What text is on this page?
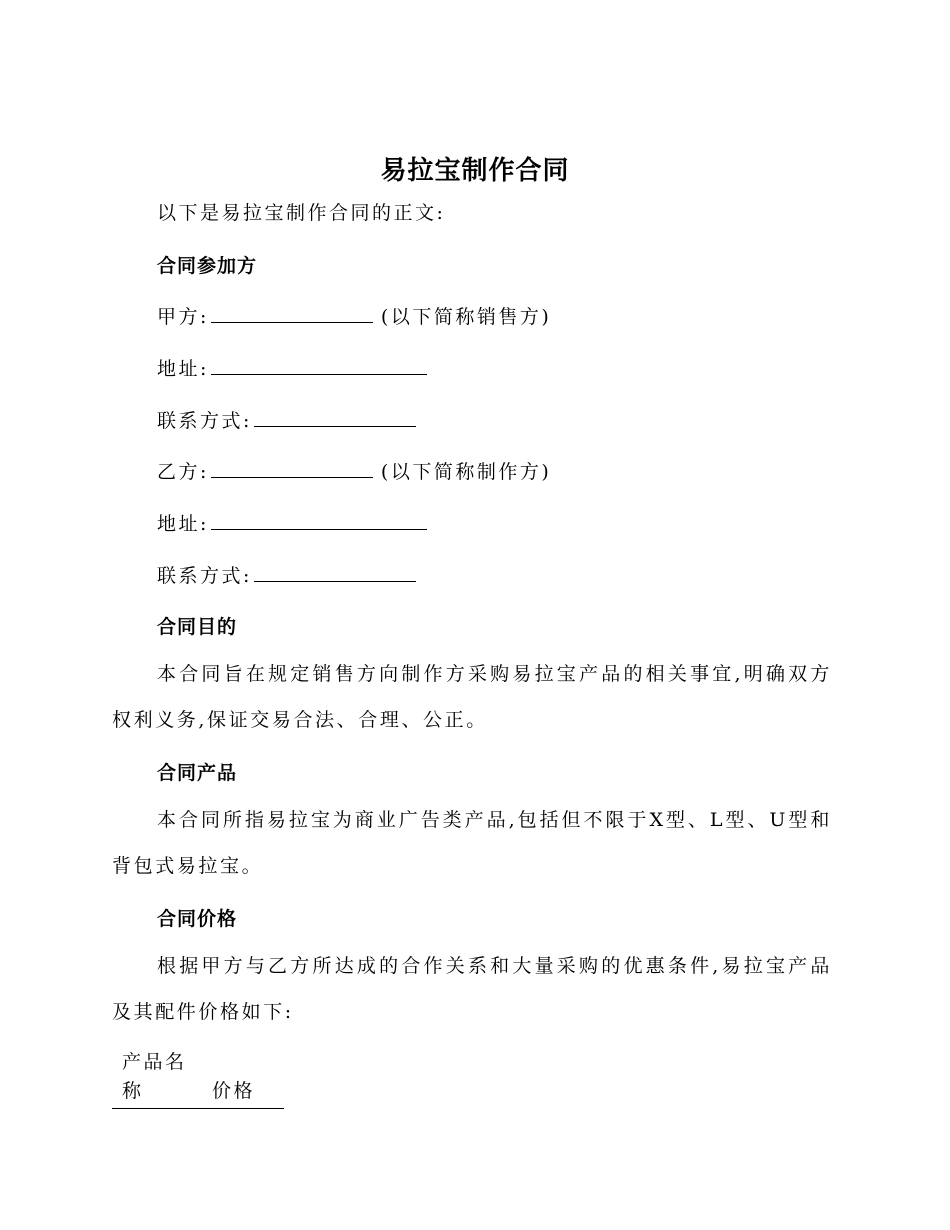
易拉宝制作合同
以下是易拉宝制作合同的正文:
合同参加方
甲方:	(以下简称销售方)
地址:
联系方式:
乙方:	(以下简称制作方)
地址:
联系方式:
合同目的
本合同旨在规定销售方向制作方采购易拉宝产品的相关事宜,明确双方权利义务,保证交易合法、合理、公正。
合同产品
本合同所指易拉宝为商业广告类产品,包括但不限于X型、L型、U型和背包式易拉宝。
合同价格
根据甲方与乙方所达成的合作关系和大量采购的优惠条件,易拉宝产品及其配件价格如下:
产品名称	价格
